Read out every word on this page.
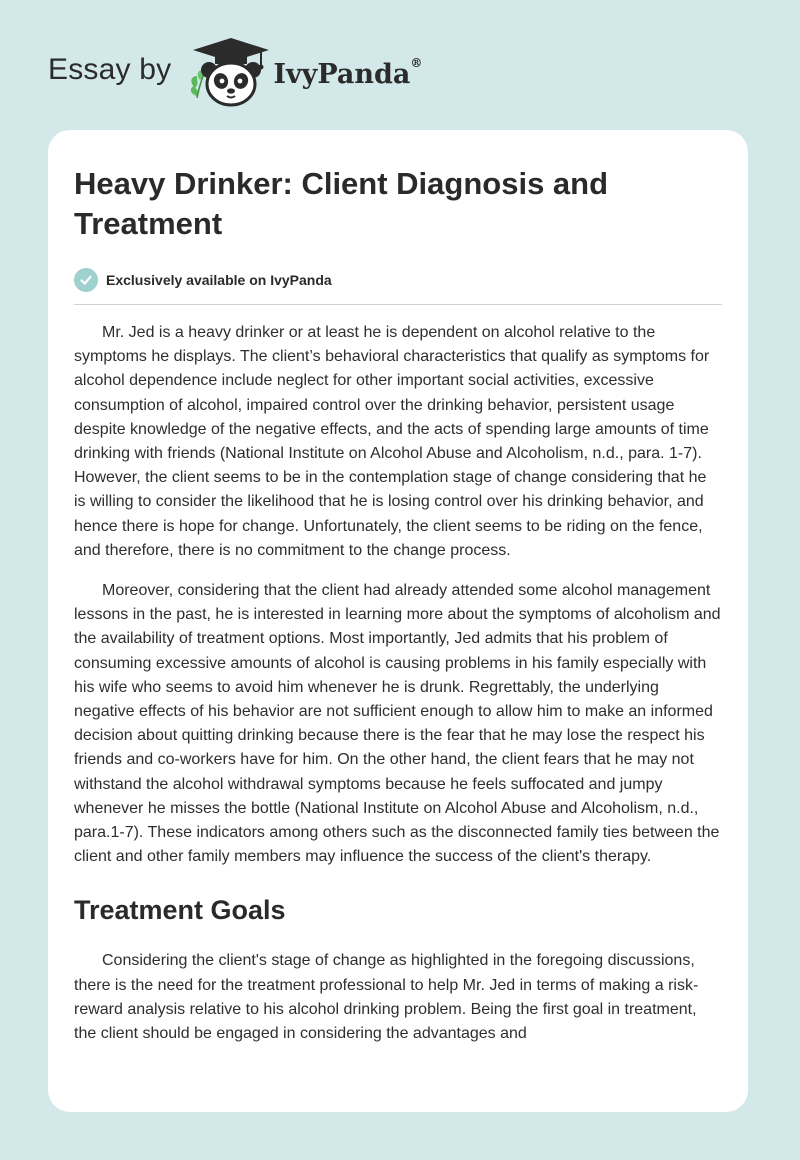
Essay by	IvyPanda®
Heavy Drinker: Client Diagnosis and Treatment
Exclusively available on IvyPanda

Mr. Jed is a heavy drinker or at least he is dependent on alcohol relative to the symptoms he displays. The client’s behavioral characteristics that qualify as symptoms for alcohol dependence include neglect for other important social activities, excessive consumption of alcohol, impaired control over the drinking behavior, persistent usage despite knowledge of the negative effects, and the acts of spending large amounts of time drinking with friends (National Institute on Alcohol Abuse and Alcoholism, n.d., para. 1-7). However, the client seems to be in the contemplation stage of change considering that he is willing to consider the likelihood that he is losing control over his drinking behavior, and hence there is hope for change. Unfortunately, the client seems to be riding on the fence, and therefore, there is no commitment to the change process.

Moreover, considering that the client had already attended some alcohol management lessons in the past, he is interested in learning more about the symptoms of alcoholism and the availability of treatment options. Most importantly, Jed admits that his problem of consuming excessive amounts of alcohol is causing problems in his family especially with his wife who seems to avoid him whenever he is drunk. Regrettably, the underlying negative effects of his behavior are not sufficient enough to allow him to make an informed decision about quitting drinking because there is the fear that he may lose the respect his friends and co-workers have for him. On the other hand, the client fears that he may not withstand the alcohol withdrawal symptoms because he feels suffocated and jumpy whenever he misses the bottle (National Institute on Alcohol Abuse and Alcoholism, n.d., para.1-7). These indicators among others such as the disconnected family ties between the client and other family members may influence the success of the client's therapy.

Treatment Goals

Considering the client's stage of change as highlighted in the foregoing discussions, there is the need for the treatment professional to help Mr. Jed in terms of making a risk-reward analysis relative to his alcohol drinking problem. Being the first goal in treatment, the client should be engaged in considering the advantages and
